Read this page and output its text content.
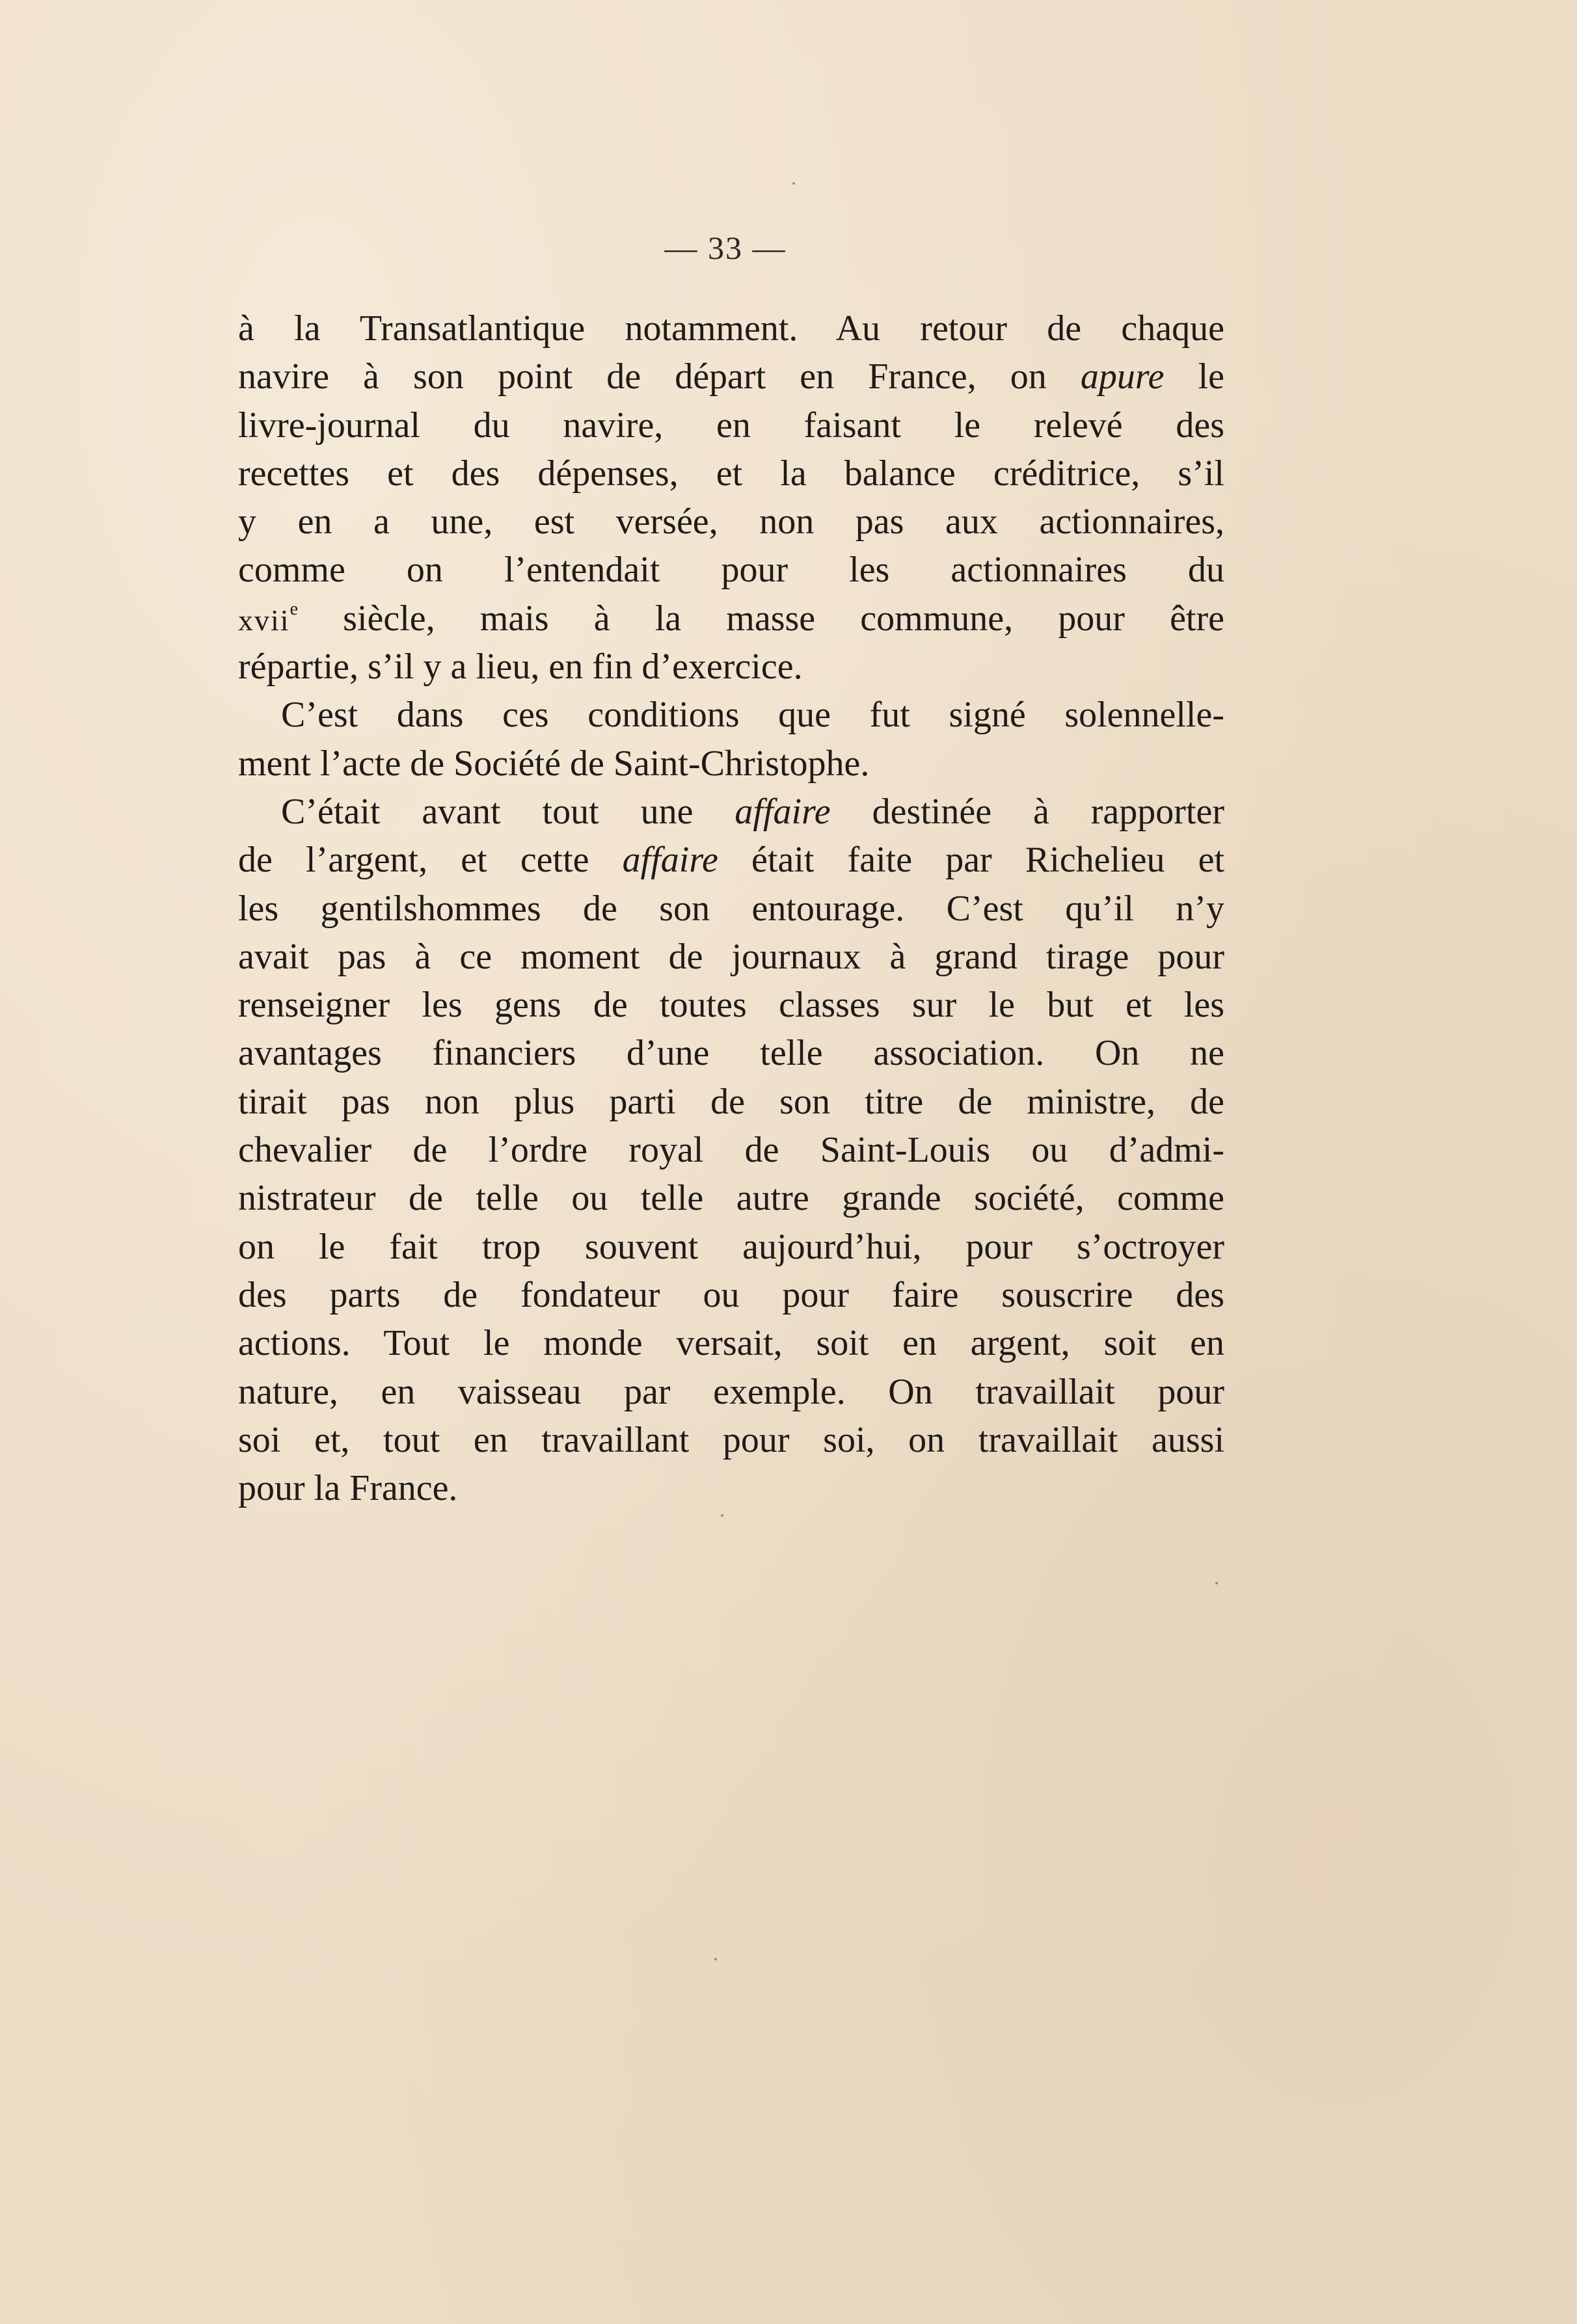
— 33 —
à la Transatlantique notamment. Au retour de chaque
navire à son point de départ en France, on apure le
livre-journal du navire, en faisant le relevé des
recettes et des dépenses, et la balance créditrice, s’il
y en a une, est versée, non pas aux actionnaires,
comme on l’entendait pour les actionnaires du
xvii$^e$ siècle, mais à la masse commune, pour être
répartie, s’il y a lieu, en fin d’exercice.
C’est dans ces conditions que fut signé solennelle-
ment l’acte de Société de Saint-Christophe.
C’était avant tout une affaire destinée à rapporter
de l’argent, et cette affaire était faite par Richelieu et
les gentilshommes de son entourage. C’est qu’il n’y
avait pas à ce moment de journaux à grand tirage pour
renseigner les gens de toutes classes sur le but et les
avantages financiers d’une telle association. On ne
tirait pas non plus parti de son titre de ministre, de
chevalier de l’ordre royal de Saint-Louis ou d’admi-
nistrateur de telle ou telle autre grande société, comme
on le fait trop souvent aujourd’hui, pour s’octroyer
des parts de fondateur ou pour faire souscrire des
actions. Tout le monde versait, soit en argent, soit en
nature, en vaisseau par exemple. On travaillait pour
soi et, tout en travaillant pour soi, on travaillait aussi
pour la France.
